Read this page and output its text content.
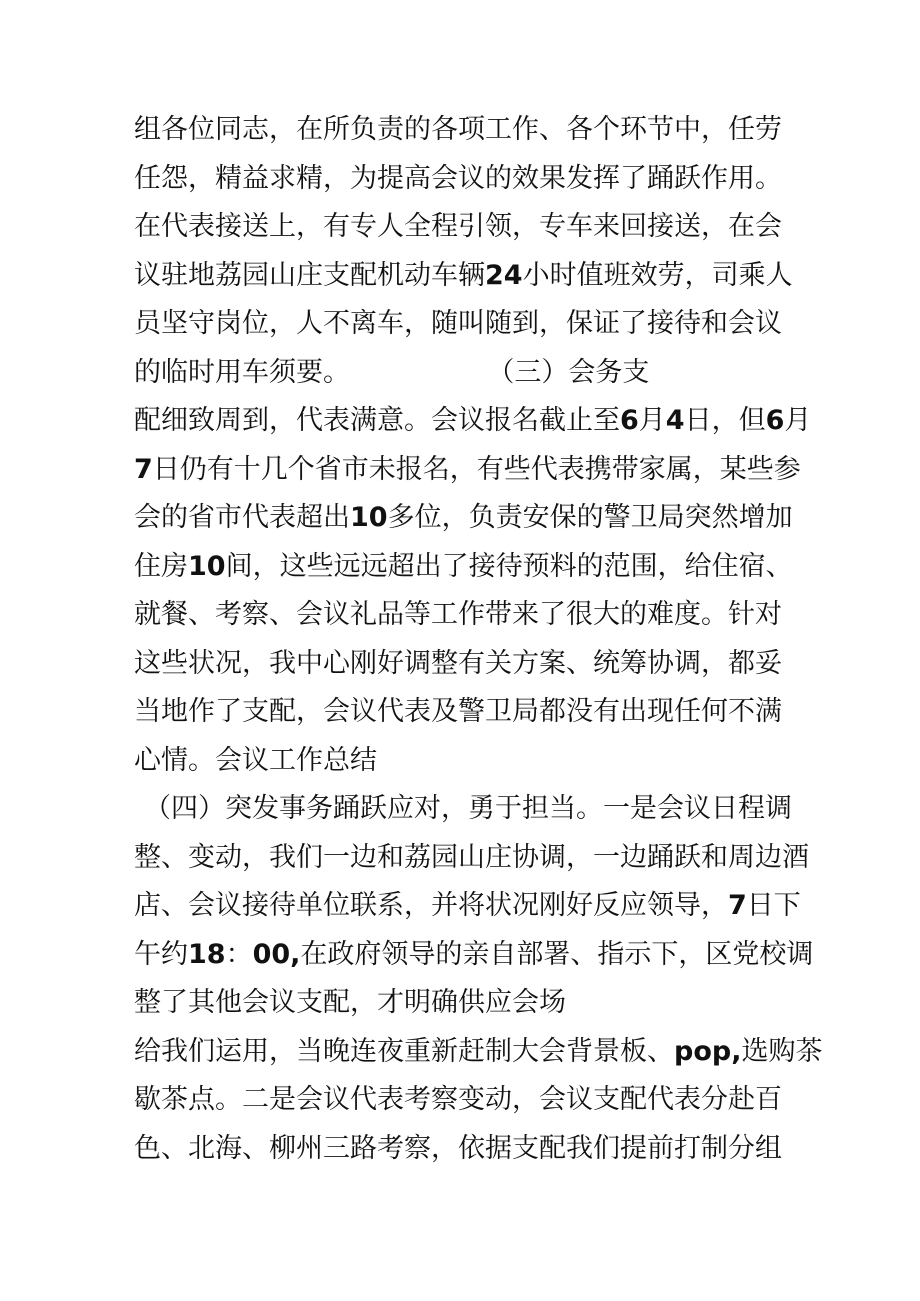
组各位同志，在所负责的各项工作、各个环节中，任劳
任怨，精益求精，为提高会议的效果发挥了踊跃作用。
在代表接送上，有专人全程引领，专车来回接送，在会
议驻地荔园山庄支配机动车辆24小时值班效劳，司乘人
员坚守岗位，人不离车，随叫随到，保证了接待和会议
的临时用车须要。                （三）会务支
配细致周到，代表满意。会议报名截止至6月4日，但6月
7日仍有十几个省市未报名，有些代表携带家属，某些参
会的省市代表超出10多位，负责安保的警卫局突然增加
住房10间，这些远远超出了接待预料的范围，给住宿、
就餐、考察、会议礼品等工作带来了很大的难度。针对
这些状况，我中心刚好调整有关方案、统筹协调，都妥
当地作了支配，会议代表及警卫局都没有出现任何不满
心情。会议工作总结
（四）突发事务踊跃应对，勇于担当。一是会议日程调
整、变动，我们一边和荔园山庄协调，一边踊跃和周边酒
店、会议接待单位联系，并将状况刚好反应领导，7日下
午约18：00,在政府领导的亲自部署、指示下，区党校调
整了其他会议支配，才明确供应会场
给我们运用，当晚连夜重新赶制大会背景板、pop,选购茶
歇茶点。二是会议代表考察变动，会议支配代表分赴百
色、北海、柳州三路考察，依据支配我们提前打制分组
